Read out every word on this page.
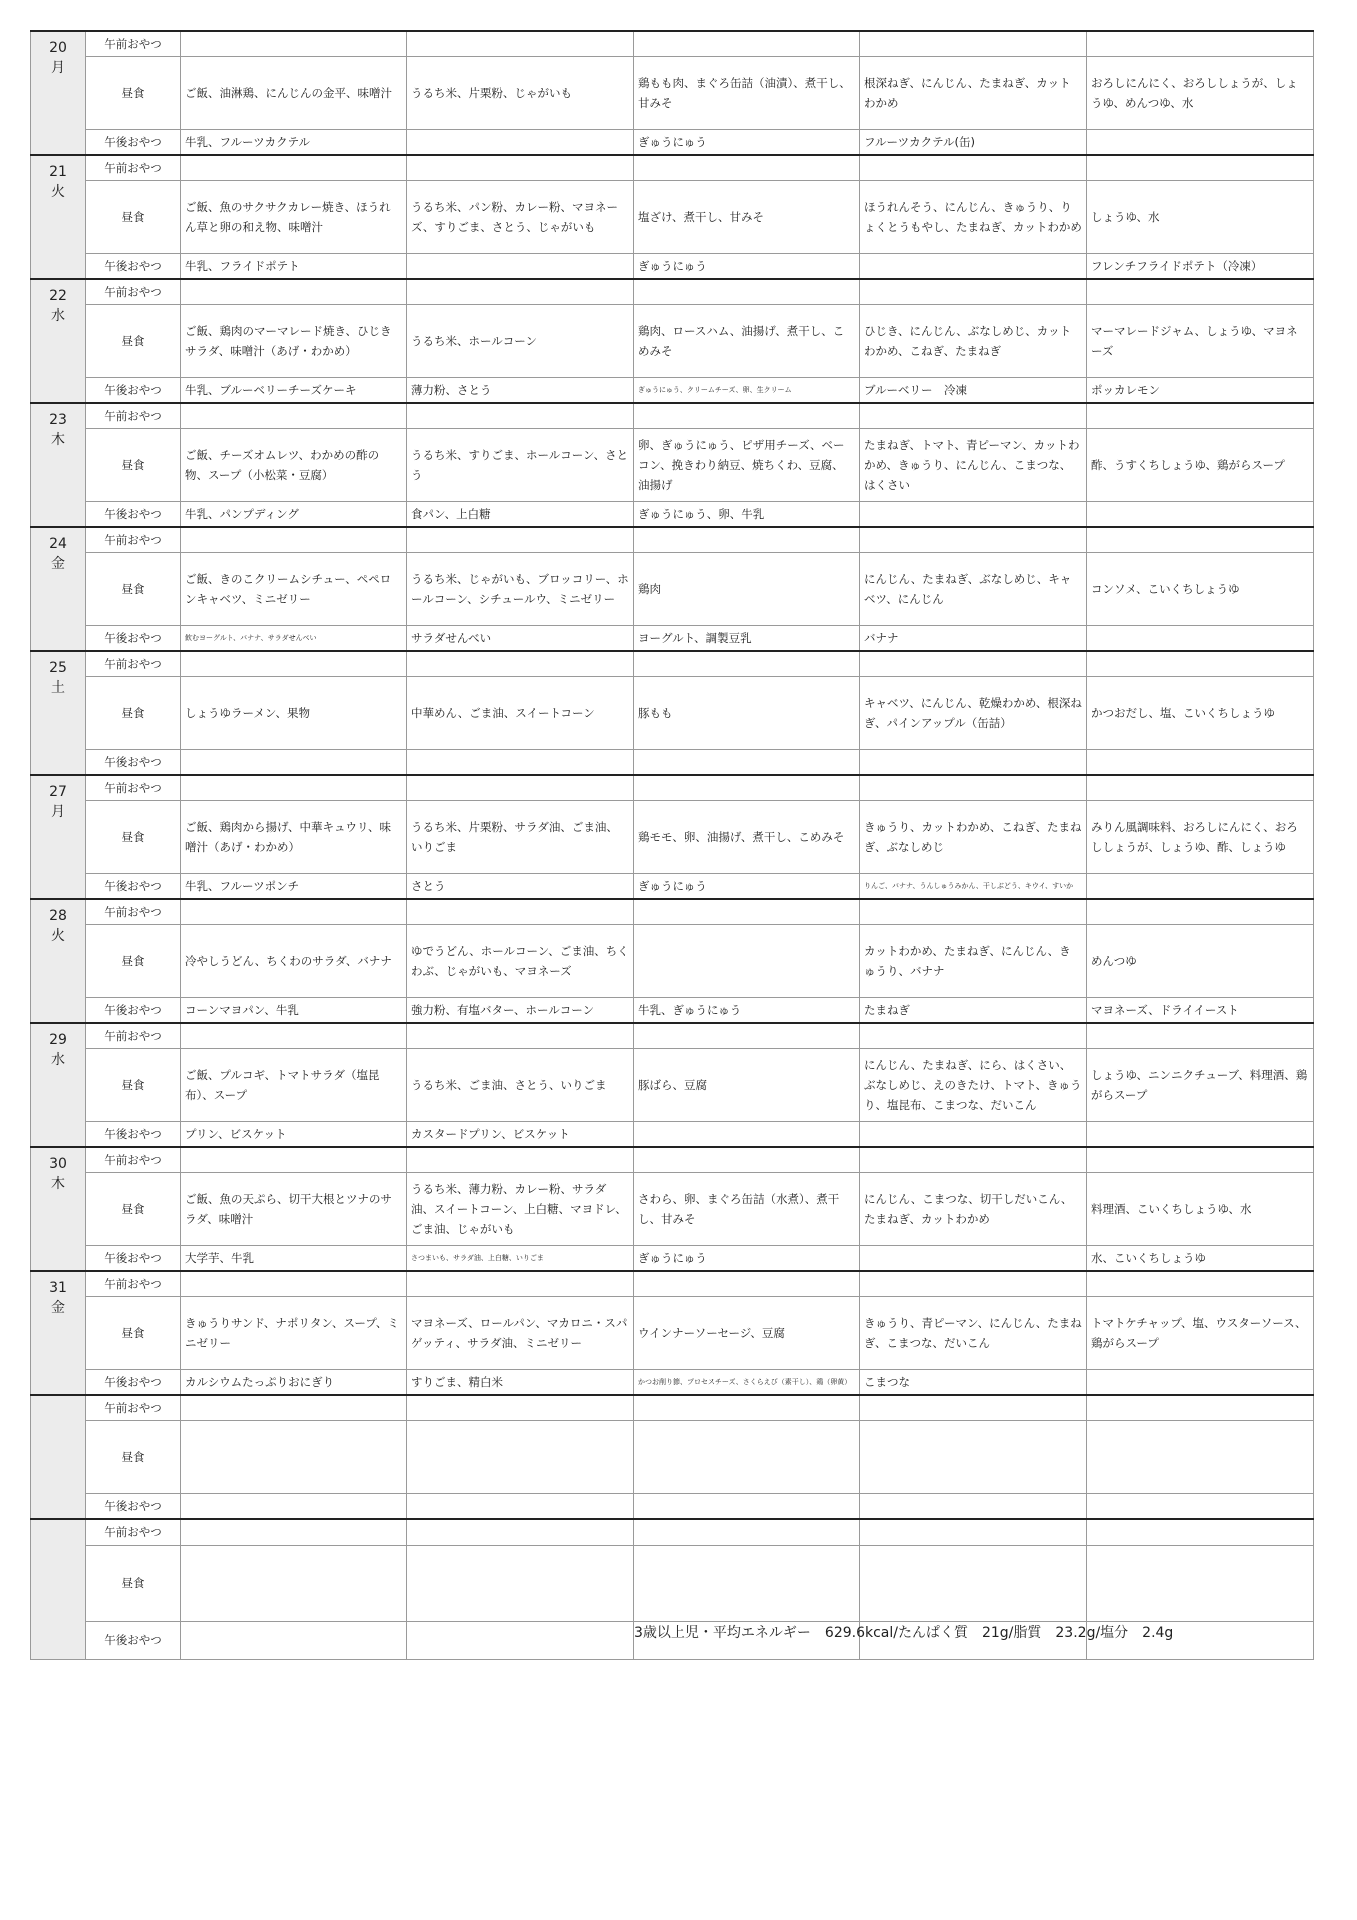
20
月	午前おやつ					
	昼食	ご飯、油淋鶏、にんじんの金平、味噌汁	うるち米、片栗粉、じゃがいも	鶏もも肉、まぐろ缶詰（油漬）、煮干し、甘みそ	根深ねぎ、にんじん、たまねぎ、カットわかめ	おろしにんにく、おろししょうが、しょうゆ、めんつゆ、水
	午後おやつ	牛乳、フルーツカクテル		ぎゅうにゅう	フルーツカクテル(缶)	

21
火	午前おやつ					
	昼食	ご飯、魚のサクサクカレー焼き、ほうれん草と卵の和え物、味噌汁	うるち米、パン粉、カレー粉、マヨネーズ、すりごま、さとう、じゃがいも	塩ざけ、煮干し、甘みそ	ほうれんそう、にんじん、きゅうり、りょくとうもやし、たまねぎ、カットわかめ	しょうゆ、水
	午後おやつ	牛乳、フライドポテト		ぎゅうにゅう		フレンチフライドポテト（冷凍）

22
水	午前おやつ					
	昼食	ご飯、鶏肉のマーマレード焼き、ひじきサラダ、味噌汁（あげ・わかめ）	うるち米、ホールコーン	鶏肉、ロースハム、油揚げ、煮干し、こめみそ	ひじき、にんじん、ぶなしめじ、カットわかめ、こねぎ、たまねぎ	マーマレードジャム、しょうゆ、マヨネーズ
	午後おやつ	牛乳、ブルーベリーチーズケーキ	薄力粉、さとう	ぎゅうにゅう、クリームチーズ、卵、生クリーム	ブルーベリー　冷凍	ポッカレモン

23
木	午前おやつ					
	昼食	ご飯、チーズオムレツ、わかめの酢の物、スープ（小松菜・豆腐）	うるち米、すりごま、ホールコーン、さとう	卵、ぎゅうにゅう、ピザ用チーズ、ベーコン、挽きわり納豆、焼ちくわ、豆腐、油揚げ	たまねぎ、トマト、青ピーマン、カットわかめ、きゅうり、にんじん、こまつな、はくさい	酢、うすくちしょうゆ、鶏がらスープ
	午後おやつ	牛乳、パンプディング	食パン、上白糖	ぎゅうにゅう、卵、牛乳		

24
金	午前おやつ					
	昼食	ご飯、きのこクリームシチュー、ペペロンキャベツ、ミニゼリー	うるち米、じゃがいも、ブロッコリー、ホールコーン、シチュールウ、ミニゼリー	鶏肉	にんじん、たまねぎ、ぶなしめじ、キャベツ、にんじん	コンソメ、こいくちしょうゆ
	午後おやつ	飲むヨーグルト、バナナ、サラダせんべい	サラダせんべい	ヨーグルト、調製豆乳	バナナ	

25
土	午前おやつ					
	昼食	しょうゆラーメン、果物	中華めん、ごま油、スイートコーン	豚もも	キャベツ、にんじん、乾燥わかめ、根深ねぎ、パインアップル（缶詰）	かつおだし、塩、こいくちしょうゆ
	午後おやつ					

27
月	午前おやつ					
	昼食	ご飯、鶏肉から揚げ、中華キュウリ、味噌汁（あげ・わかめ）	うるち米、片栗粉、サラダ油、ごま油、いりごま	鶏モモ、卵、油揚げ、煮干し、こめみそ	きゅうり、カットわかめ、こねぎ、たまねぎ、ぶなしめじ	みりん風調味料、おろしにんにく、おろししょうが、しょうゆ、酢、しょうゆ
	午後おやつ	牛乳、フルーツポンチ	さとう	ぎゅうにゅう	りんご、バナナ、うんしゅうみかん、干しぶどう、キウイ、すいか	

28
火	午前おやつ					
	昼食	冷やしうどん、ちくわのサラダ、バナナ	ゆでうどん、ホールコーン、ごま油、ちくわぶ、じゃがいも、マヨネーズ		カットわかめ、たまねぎ、にんじん、きゅうり、バナナ	めんつゆ
	午後おやつ	コーンマヨパン、牛乳	強力粉、有塩バター、ホールコーン	牛乳、ぎゅうにゅう	たまねぎ	マヨネーズ、ドライイースト

29
水	午前おやつ					
	昼食	ご飯、プルコギ、トマトサラダ（塩昆布）、スープ	うるち米、ごま油、さとう、いりごま	豚ばら、豆腐	にんじん、たまねぎ、にら、はくさい、ぶなしめじ、えのきたけ、トマト、きゅうり、塩昆布、こまつな、だいこん	しょうゆ、ニンニクチューブ、料理酒、鶏がらスープ
	午後おやつ	プリン、ビスケット	カスタードプリン、ビスケット			

30
木	午前おやつ					
	昼食	ご飯、魚の天ぷら、切干大根とツナのサラダ、味噌汁	うるち米、薄力粉、カレー粉、サラダ油、スイートコーン、上白糖、マヨドレ、ごま油、じゃがいも	さわら、卵、まぐろ缶詰（水煮）、煮干し、甘みそ	にんじん、こまつな、切干しだいこん、たまねぎ、カットわかめ	料理酒、こいくちしょうゆ、水
	午後おやつ	大学芋、牛乳	さつまいも、サラダ油、上白糖、いりごま	ぎゅうにゅう		水、こいくちしょうゆ

31
金	午前おやつ					
	昼食	きゅうりサンド、ナポリタン、スープ、ミニゼリー	マヨネーズ、ロールパン、マカロニ・スパゲッティ、サラダ油、ミニゼリー	ウインナーソーセージ、豆腐	きゅうり、青ピーマン、にんじん、たまねぎ、こまつな、だいこん	トマトケチャップ、塩、ウスターソース、鶏がらスープ
	午後おやつ	カルシウムたっぷりおにぎり	すりごま、精白米	かつお削り節、プロセスチーズ、さくらえび（素干し）、鶏（卵黄）	こまつな	

	午前おやつ					
	昼食					
	午後おやつ					

	午前おやつ					
	昼食					
	午後おやつ						3歳以上児・平均エネルギー　629.6kcal/たんぱく質　21g/脂質　23.2g/塩分　2.4g
